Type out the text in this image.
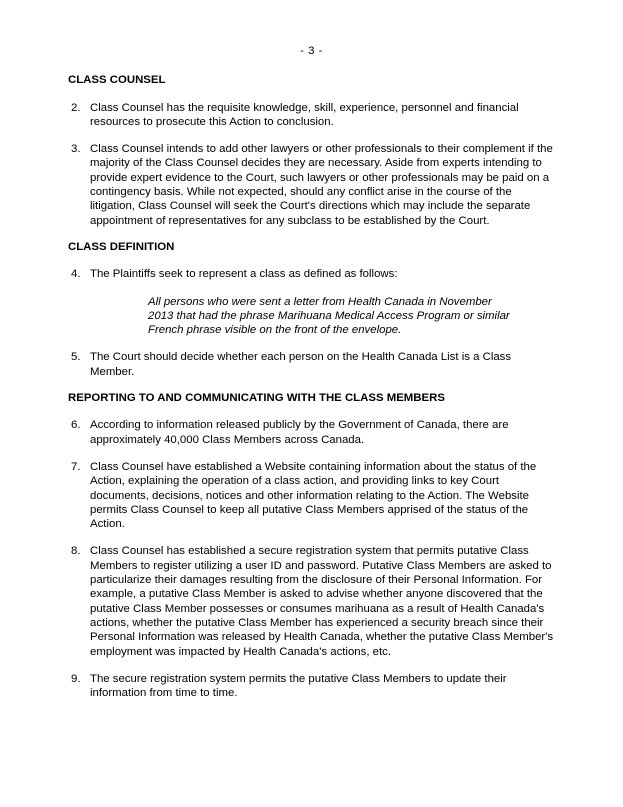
- 3 -
CLASS COUNSEL
2. Class Counsel has the requisite knowledge, skill, experience, personnel and financial resources to prosecute this Action to conclusion.
3. Class Counsel intends to add other lawyers or other professionals to their complement if the majority of the Class Counsel decides they are necessary. Aside from experts intending to provide expert evidence to the Court, such lawyers or other professionals may be paid on a contingency basis. While not expected, should any conflict arise in the course of the litigation, Class Counsel will seek the Court's directions which may include the separate appointment of representatives for any subclass to be established by the Court.
CLASS DEFINITION
4. The Plaintiffs seek to represent a class as defined as follows:
All persons who were sent a letter from Health Canada in November 2013 that had the phrase Marihuana Medical Access Program or similar French phrase visible on the front of the envelope.
5. The Court should decide whether each person on the Health Canada List is a Class Member.
REPORTING TO AND COMMUNICATING WITH THE CLASS MEMBERS
6. According to information released publicly by the Government of Canada, there are approximately 40,000 Class Members across Canada.
7. Class Counsel have established a Website containing information about the status of the Action, explaining the operation of a class action, and providing links to key Court documents, decisions, notices and other information relating to the Action. The Website permits Class Counsel to keep all putative Class Members apprised of the status of the Action.
8. Class Counsel has established a secure registration system that permits putative Class Members to register utilizing a user ID and password. Putative Class Members are asked to particularize their damages resulting from the disclosure of their Personal Information. For example, a putative Class Member is asked to advise whether anyone discovered that the putative Class Member possesses or consumes marihuana as a result of Health Canada's actions, whether the putative Class Member has experienced a security breach since their Personal Information was released by Health Canada, whether the putative Class Member's employment was impacted by Health Canada's actions, etc.
9. The secure registration system permits the putative Class Members to update their information from time to time.
